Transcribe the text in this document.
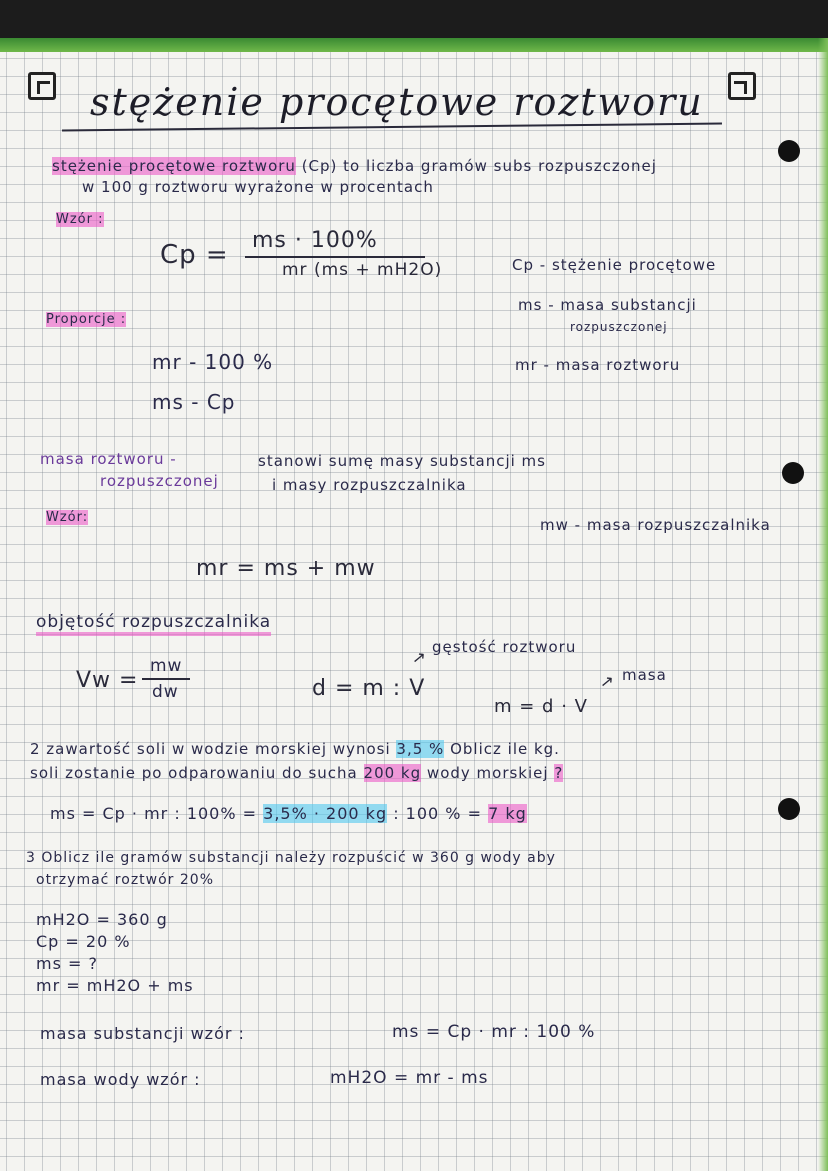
stężenie procętowe roztworu
stężenie procętowe roztworu (Cp) to liczba gramów subs rozpuszczonej
w 100 g roztworu wyrażone w procentach
Wzór :
Cp = ms · 100%
mr (ms + mH2O)	Cp - stężenie procętowe
ms - masa substancji
rozpuszczonej
mr - masa roztworu
Proporcje :
mr - 100 %
ms - Cp
masa roztworu -	stanowi sumę masy substancji ms
rozpuszczonej	i masy rozpuszczalnika
Wzór:	mw - masa rozpuszczalnika
mr = ms + mw
objętość rozpuszczalnika
Vw =
mw
dw	d = m : V
→ gęstość roztworu
m = d · V
→ masa
2 zawartość soli w wodzie morskiej wynosi 3,5 % Oblicz ile kg.
soli zostanie po odparowaniu do sucha 200 kg wody morskiej ?
ms = Cp · mr : 100% = 3,5% · 200 kg : 100 % = 7 kg
3 Oblicz ile gramów substancji należy rozpuścić w 360 g wody aby
otrzymać roztwór 20%
mH2O = 360 g
Cp = 20 %
ms = ?
mr = mH2O + ms
masa substancji wzór :	ms = Cp · mr : 100 %
masa wody wzór :	mH2O = mr - ms
